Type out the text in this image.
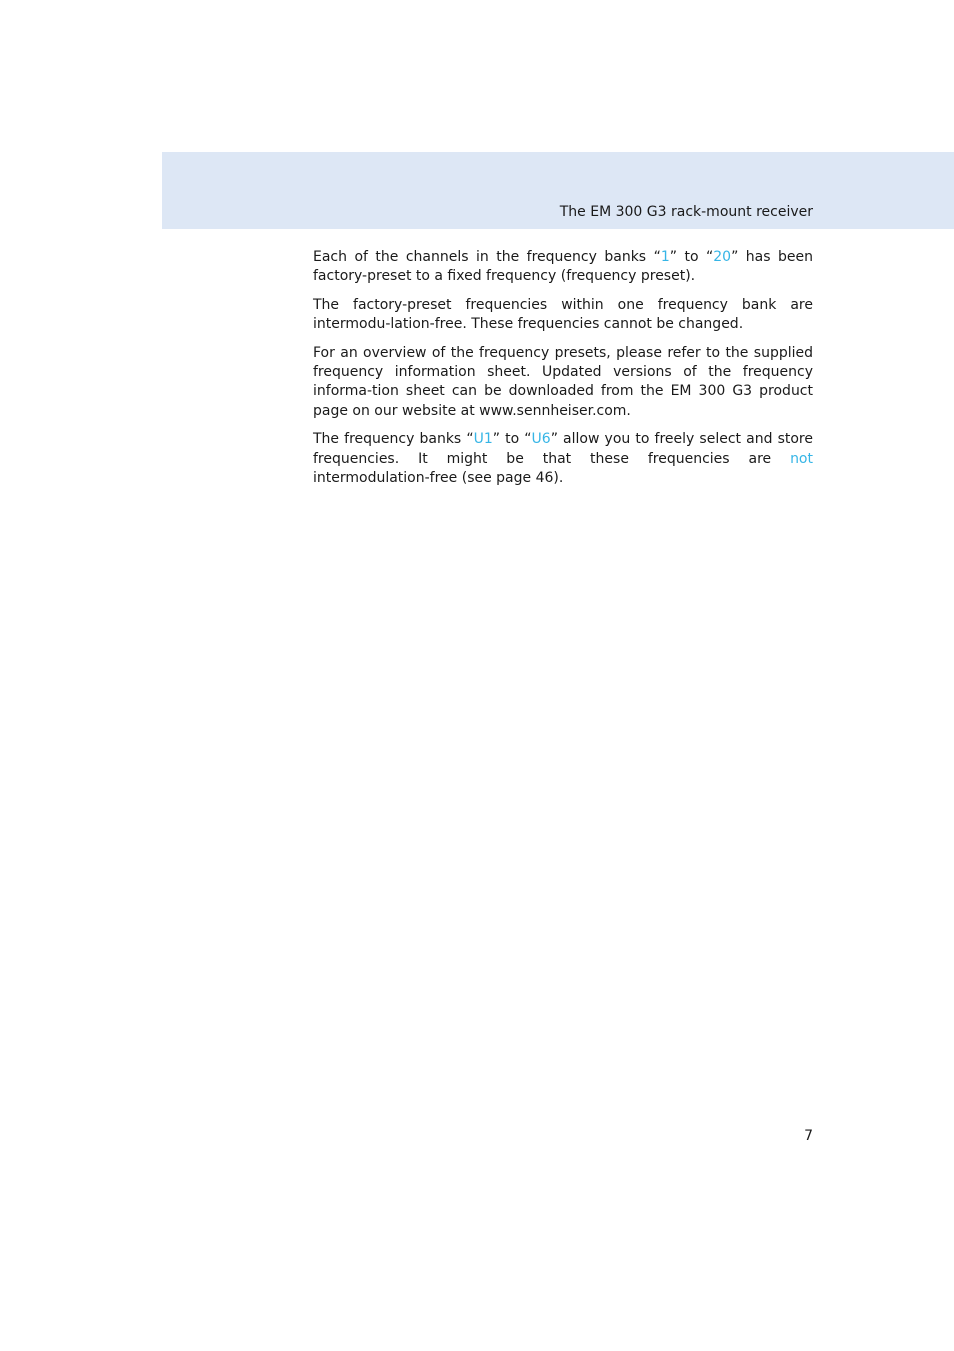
The EM 300 G3 rack-mount receiver

Each of the channels in the frequency banks “1” to “20” has been factory-preset to a fixed frequency (frequency preset).

The factory-preset frequencies within one frequency bank are intermodu-lation-free. These frequencies cannot be changed.

For an overview of the frequency presets, please refer to the supplied frequency information sheet. Updated versions of the frequency informa-tion sheet can be downloaded from the EM 300 G3 product page on our website at www.sennheiser.com.

The frequency banks “U1” to “U6” allow you to freely select and store frequencies. It might be that these frequencies are not intermodulation-free (see page 46).

7
